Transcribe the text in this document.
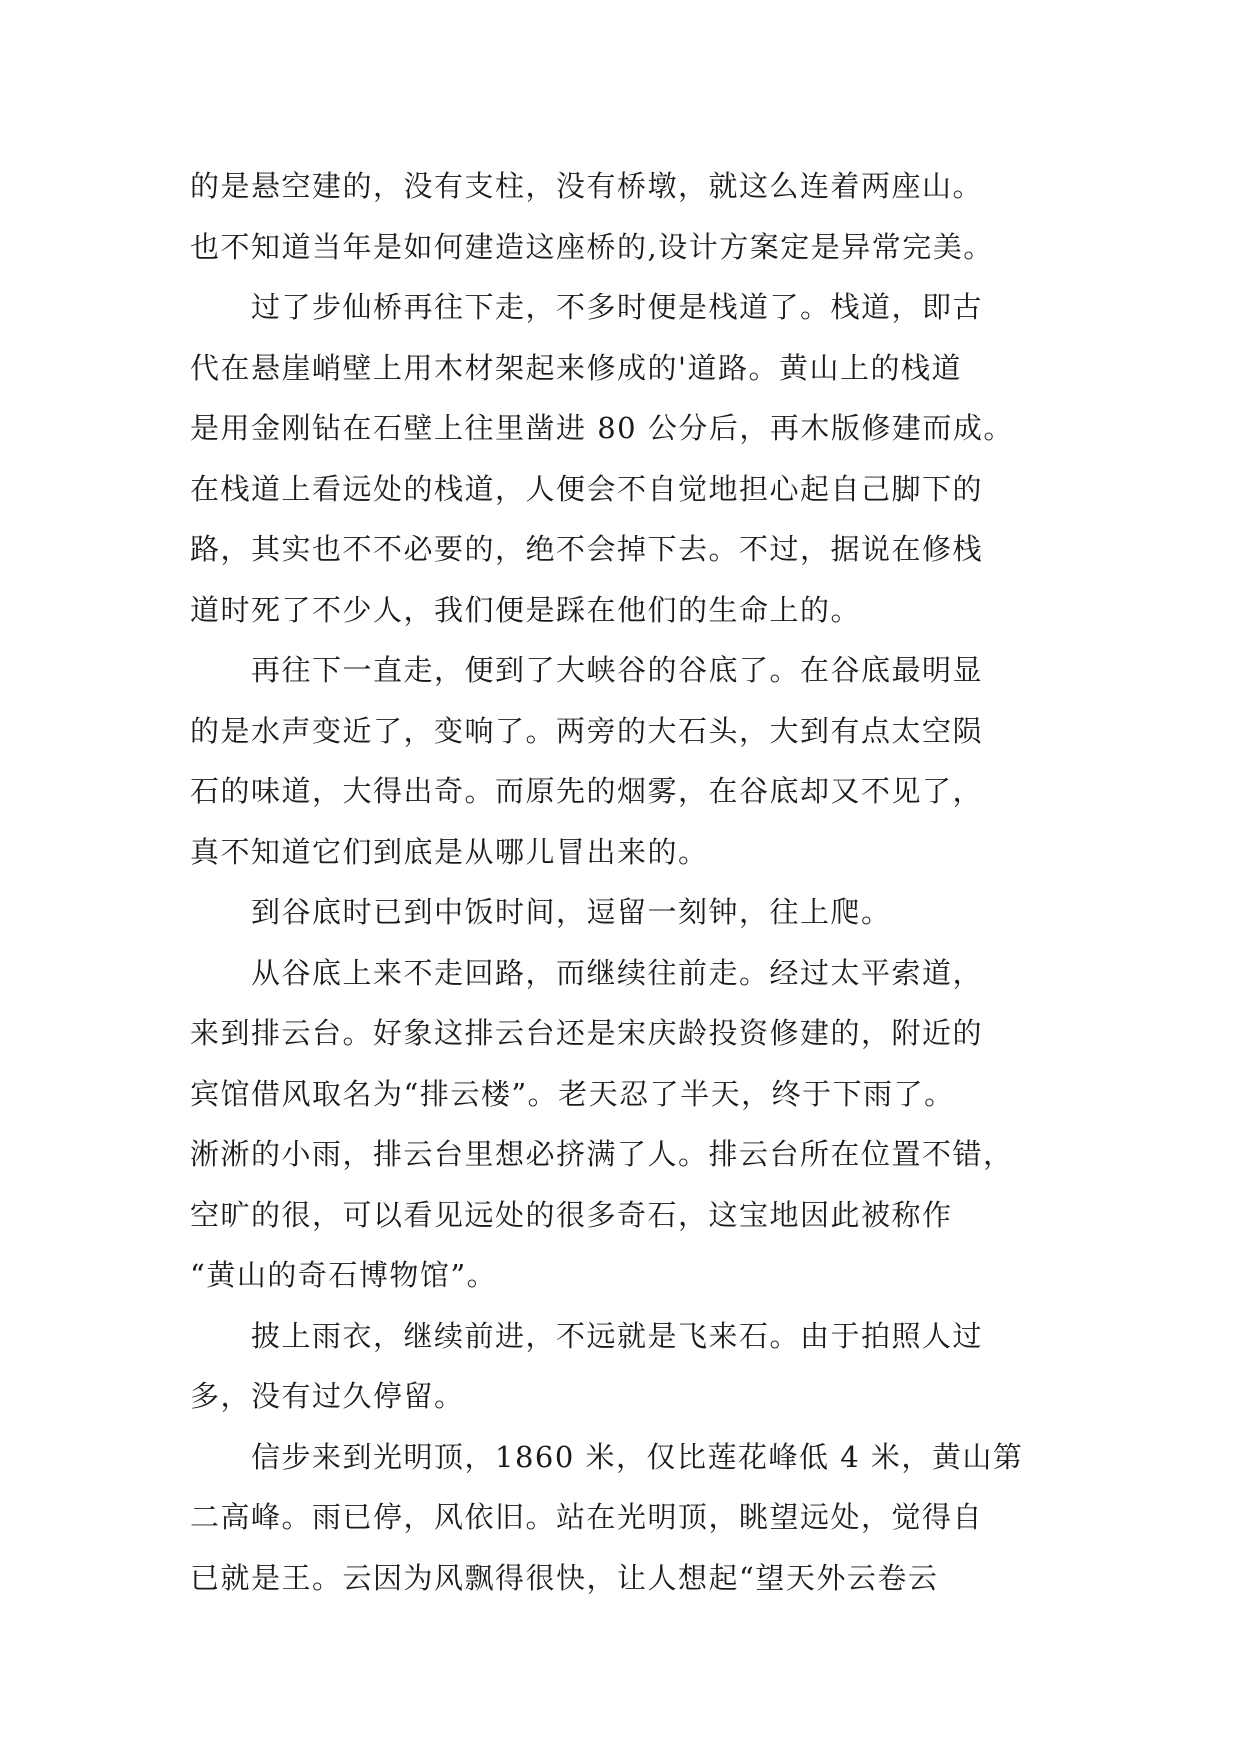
的是悬空建的，没有支柱，没有桥墩，就这么连着两座山。
也不知道当年是如何建造这座桥的,设计方案定是异常完美。
　　过了步仙桥再往下走，不多时便是栈道了。栈道，即古
代在悬崖峭壁上用木材架起来修成的'道路。黄山上的栈道
是用金刚钻在石壁上往里凿进 80 公分后，再木版修建而成。
在栈道上看远处的栈道，人便会不自觉地担心起自己脚下的
路，其实也不不必要的，绝不会掉下去。不过，据说在修栈
道时死了不少人，我们便是踩在他们的生命上的。
　　再往下一直走，便到了大峡谷的谷底了。在谷底最明显
的是水声变近了，变响了。两旁的大石头，大到有点太空陨
石的味道，大得出奇。而原先的烟雾，在谷底却又不见了，
真不知道它们到底是从哪儿冒出来的。
　　到谷底时已到中饭时间，逗留一刻钟，往上爬。
　　从谷底上来不走回路，而继续往前走。经过太平索道，
来到排云台。好象这排云台还是宋庆龄投资修建的，附近的
宾馆借风取名为“排云楼”。老天忍了半天，终于下雨了。
淅淅的小雨，排云台里想必挤满了人。排云台所在位置不错，
空旷的很，可以看见远处的很多奇石，这宝地因此被称作
“黄山的奇石博物馆”。
　　披上雨衣，继续前进，不远就是飞来石。由于拍照人过
多，没有过久停留。
　　信步来到光明顶，1860 米，仅比莲花峰低 4 米，黄山第
二高峰。雨已停，风依旧。站在光明顶，眺望远处，觉得自
已就是王。云因为风飘得很快，让人想起“望天外云卷云
